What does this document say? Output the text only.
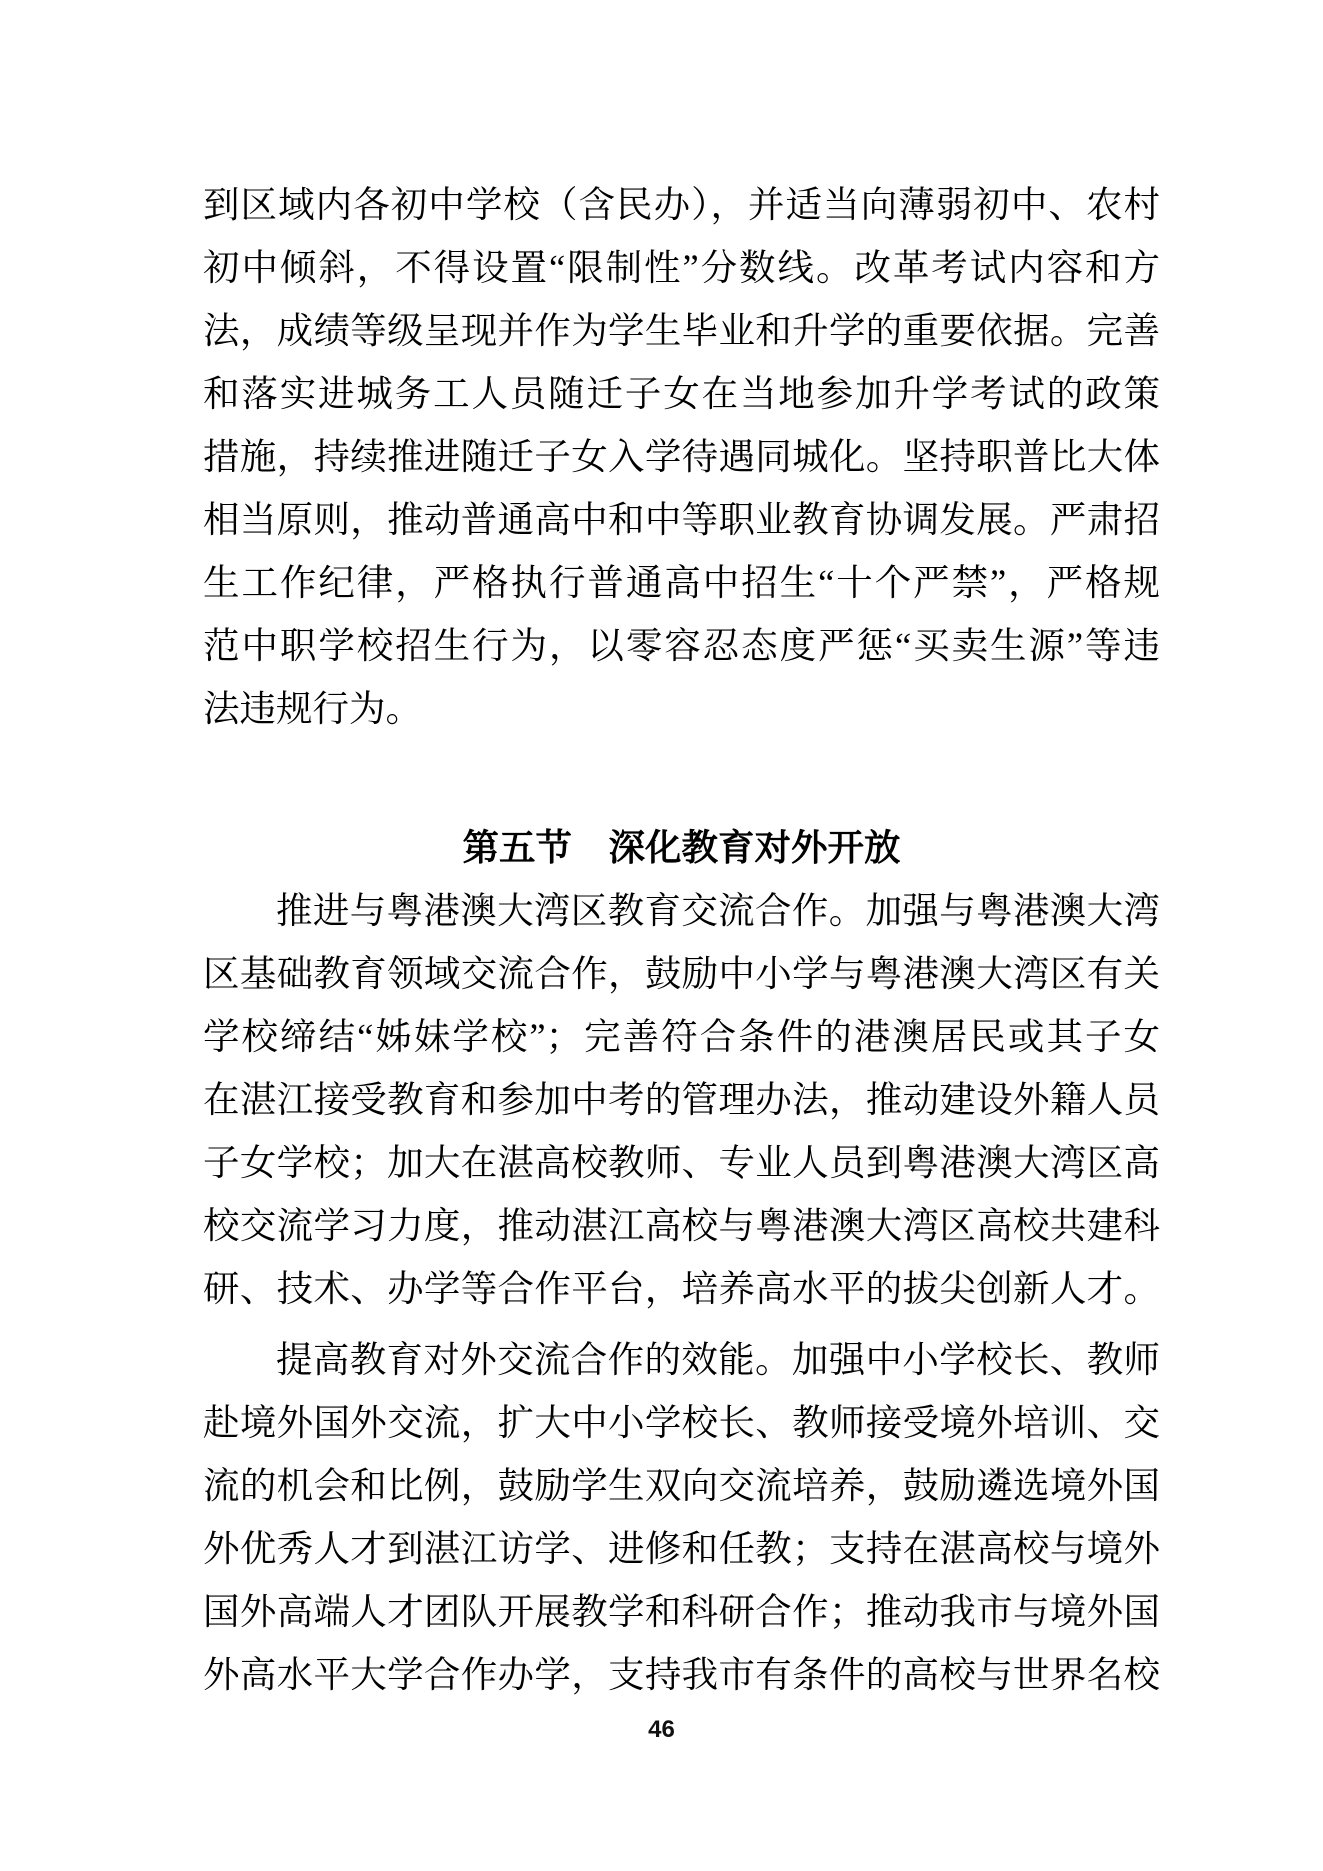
到区域内各初中学校（含民办），并适当向薄弱初中、农村
初中倾斜，不得设置“限制性”分数线。改革考试内容和方
法，成绩等级呈现并作为学生毕业和升学的重要依据。完善
和落实进城务工人员随迁子女在当地参加升学考试的政策
措施，持续推进随迁子女入学待遇同城化。坚持职普比大体
相当原则，推动普通高中和中等职业教育协调发展。严肃招
生工作纪律，严格执行普通高中招生“十个严禁”，严格规
范中职学校招生行为，以零容忍态度严惩“买卖生源”等违
法违规行为。
第五节　深化教育对外开放
推进与粤港澳大湾区教育交流合作。加强与粤港澳大湾
区基础教育领域交流合作，鼓励中小学与粤港澳大湾区有关
学校缔结“姊妹学校”；完善符合条件的港澳居民或其子女
在湛江接受教育和参加中考的管理办法，推动建设外籍人员
子女学校；加大在湛高校教师、专业人员到粤港澳大湾区高
校交流学习力度，推动湛江高校与粤港澳大湾区高校共建科
研、技术、办学等合作平台，培养高水平的拔尖创新人才。
提高教育对外交流合作的效能。加强中小学校长、教师
赴境外国外交流，扩大中小学校长、教师接受境外培训、交
流的机会和比例，鼓励学生双向交流培养，鼓励遴选境外国
外优秀人才到湛江访学、进修和任教；支持在湛高校与境外
国外高端人才团队开展教学和科研合作；推动我市与境外国
外高水平大学合作办学，支持我市有条件的高校与世界名校
46
